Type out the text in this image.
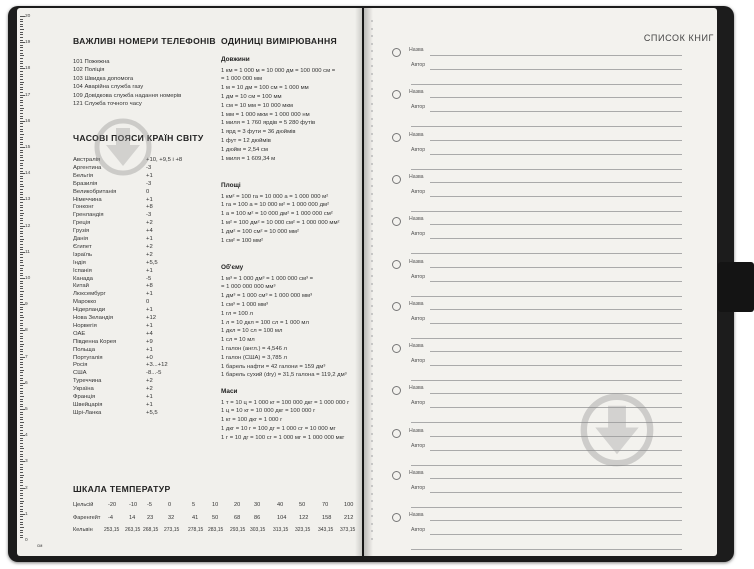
20
19
18
17
16
15
14
13
12
11
10
9
8
7
6
5
4
3
2
1
0
см
ВАЖЛИВІ НОМЕРИ ТЕЛЕФОНІВ
101 Пожежна
102 Поліція
103 Швидка допомога
104 Аварійна служба газу
109 Довідкова служба надання номерів
121 Служба точного часу
ЧАСОВІ ПОЯСИ КРАЇН СВІТУ
Австралія	+10, +9,5 і +8
Аргентина	-3
Бельгія	+1
Бразилія	-3
Великобританія	0
Німеччина	+1
Гонконг	+8
Гренландія	-3
Греція	+2
Грузія	+4
Данія	+1
Єгипет	+2
Ізраїль	+2
Індія	+5,5
Іспанія	+1
Канада	-5
Китай	+8
Люксембург	+1
Марокко	0
Нідерланди	+1
Нова Зеландія	+12
Норвегія	+1
ОАЕ	+4
Південна Корея	+9
Польща	+1
Португалія	+0
Росія	+3...+12
США	-8...-5
Туреччина	+2
Україна	+2
Франція	+1
Швейцарія	+1
Шрі-Ланка	+5,5
ОДИНИЦІ ВИМІРЮВАННЯ
Довжини
1 км = 1 000 м = 10 000 дм = 100 000 см =
= 1 000 000 мм
1 м = 10 дм = 100 см = 1 000 мм
1 дм = 10 см = 100 мм
1 см = 10 мм = 10 000 мкм
1 мм = 1 000 мкм = 1 000 000 нм
1 миля = 1 760 ярдів = 5 280 футів
1 ярд = 3 фути = 36 дюймів
1 фут = 12 дюймів
1 дюйм = 2,54 см
1 миля = 1 609,34 м
Площі
1 км² = 100 га = 10 000 а = 1 000 000 м²
1 га = 100 а = 10 000 м² = 1 000 000 дм²
1 а = 100 м² = 10 000 дм² = 1 000 000 см²
1 м² = 100 дм² = 10 000 см² = 1 000 000 мм²
1 дм² = 100 см² = 10 000 мм²
1 см² = 100 мм²
Об'єму
1 м³ = 1 000 дм³ = 1 000 000 см³ =
= 1 000 000 000 мм³
1 дм³ = 1 000 см³ = 1 000 000 мм³
1 см³ = 1 000 мм³
1 гл = 100 л
1 л = 10 дкл = 100 сл = 1 000 мл
1 дкл = 10 сл = 100 мл
1 сл = 10 мл
1 галон (англ.) = 4,546 л
1 галон (США) = 3,785 л
1 барель нафти = 42 галони = 159 дм³
1 барель сухий (dry) = 31,5 галона = 119,2 дм³
Маси
1 т = 10 ц = 1 000 кг = 100 000 дкг = 1 000 000 г
1 ц = 10 кг = 10 000 дкг = 100 000 г
1 кг = 100 дкг = 1 000 г
1 дкг = 10 г = 100 дг = 1 000 сг = 10 000 мг
1 г = 10 дг = 100 сг = 1 000 мг = 1 000 000 мкг
ШКАЛА ТЕМПЕРАТУР
Цельсій	-20 -10 -5	0	5	10	20 30	40	50	70	100
Фаренгейт -4	14 23	32	41 50	68 86	104 122 158 212
Кельвін 253,15 263,15 268,15 273,15 278,15 283,15 293,15 303,15 313,15 323,15 343,15 373,15
СПИСОК КНИГ
Назва
Автор
Назва
Автор
Назва
Автор
Назва
Автор
Назва
Автор
Назва
Автор
Назва
Автор
Назва
Автор
Назва
Автор
Назва
Автор
Назва
Автор
Назва
Автор
